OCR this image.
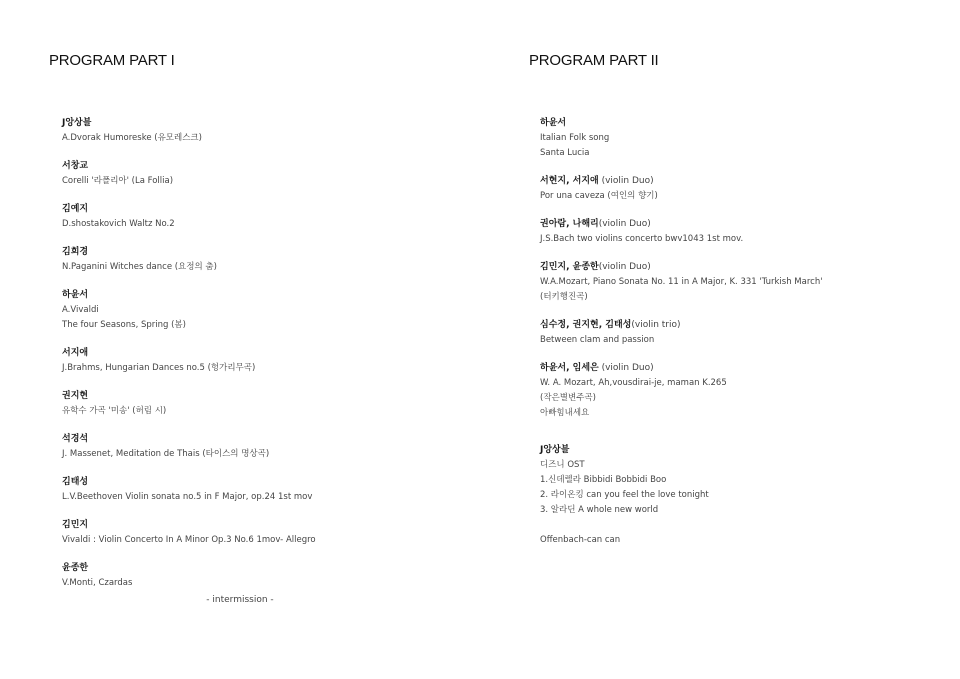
PROGRAM PART I	PROGRAM PART II
J앙상블
A.Dvorak Humoreske (유모레스크)
서창교
Corelli '라폴리아' (La Follia)
김예지
D.shostakovich Waltz No.2
김희경
N.Paganini Witches dance (요정의 춤)
하윤서
A.Vivaldi
The four Seasons, Spring (봄)
서지애
J.Brahms, Hungarian Dances no.5 (헝가리무곡)
권지현
유학수 가곡 '미송' (허림 시)
석경석
J. Massenet, Meditation de Thais (타이스의 명상곡)
김태성
L.V.Beethoven Violin sonata no.5 in F Major, op.24 1st mov
김민지
Vivaldi : Violin Concerto In A Minor Op.3 No.6 1mov- Allegro
윤종한
V.Monti, Czardas
하윤서
Italian Folk song
Santa Lucia
서현지, 서지애 (violin Duo)
Por una caveza (여인의 향기)
권아람, 나해리(violin Duo)
J.S.Bach two violins concerto bwv1043 1st mov.
김민지, 윤종한(violin Duo)
W.A.Mozart, Piano Sonata No. 11 in A Major, K. 331 'Turkish March'
(터키행진곡)
심수정, 권지현, 김태성(violin trio)
Between clam and passion
하윤서, 임세은 (violin Duo)
W. A. Mozart, Ah,vousdirai-je, maman K.265
(작은별변주곡)
아빠힘내세요
J앙상블
디즈니 OST
1.신데렐라 Bibbidi Bobbidi Boo
2. 라이온킹 can you feel the love tonight
3. 알라딘 A whole new world
Offenbach-can can
- intermission -
